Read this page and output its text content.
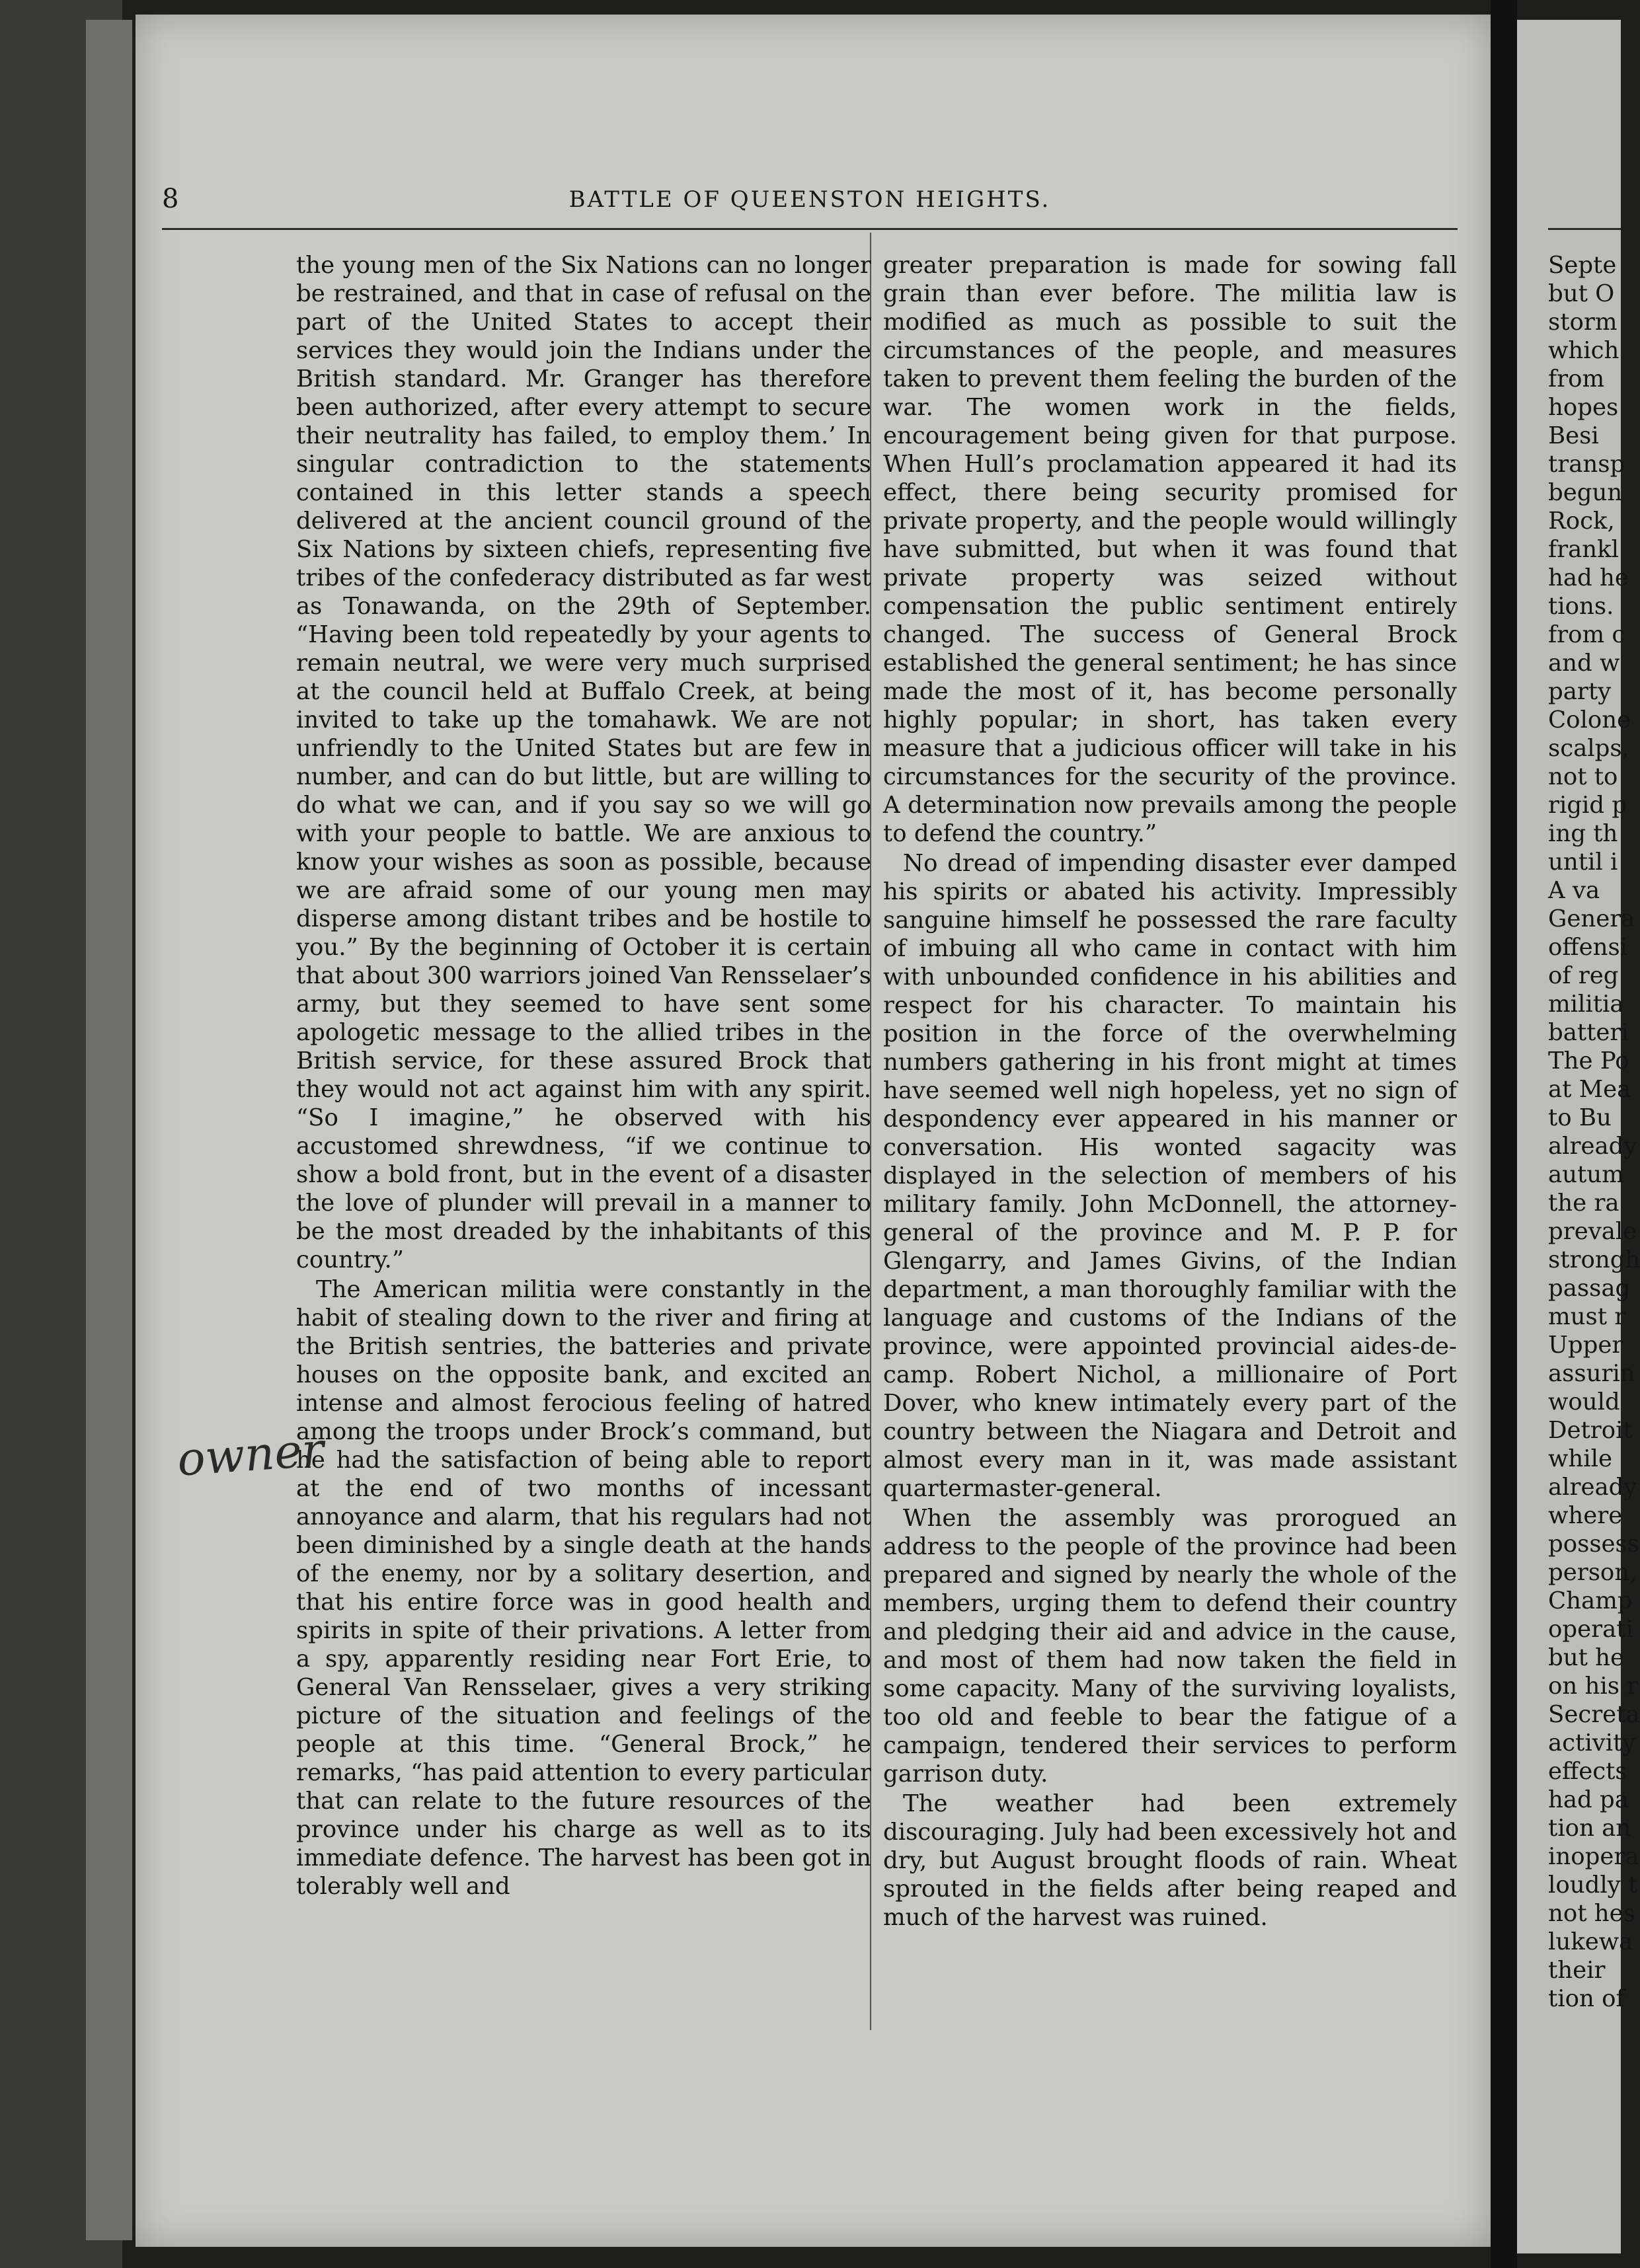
8	BATTLE OF QUEENSTON HEIGHTS.

the young men of the Six Nations can no longer be restrained, and that in case of refusal on the part of the United States to accept their services they would join the Indians under the British standard. Mr. Granger has therefore been authorized, after every attempt to secure their neutrality has failed, to employ them.’ In singular contradiction to the statements contained in this letter stands a speech delivered at the ancient council ground of the Six Nations by sixteen chiefs, representing five tribes of the confederacy distributed as far west as Tonawanda, on the 29th of September. “Having been told repeatedly by your agents to remain neutral, we were very much surprised at the council held at Buffalo Creek, at being invited to take up the tomahawk. We are not unfriendly to the United States but are few in number, and can do but little, but are willing to do what we can, and if you say so we will go with your people to battle. We are anxious to know your wishes as soon as possible, because we are afraid some of our young men may disperse among distant tribes and be hostile to you.” By the beginning of October it is certain that about 300 warriors joined Van Rensselaer’s army, but they seemed to have sent some apologetic message to the allied tribes in the British service, for these assured Brock that they would not act against him with any spirit. “So I imagine,” he observed with his accustomed shrewdness, “if we continue to show a bold front, but in the event of a disaster the love of plunder will prevail in a manner to be the most dreaded by the inhabitants of this country.”

The American militia were constantly in the habit of stealing down to the river and firing at the British sentries, the batteries and private houses on the opposite bank, and excited an intense and almost ferocious feeling of hatred among the troops under Brock’s command, but he had the satisfaction of being able to report at the end of two months of incessant annoyance and alarm, that his regulars had not been diminished by a single death at the hands of the enemy, nor by a solitary desertion, and that his entire force was in good health and spirits in spite of their privations. A letter from a spy, apparently residing near Fort Erie, to General Van Rensselaer, gives a very striking picture of the situation and feelings of the people at this time. “General Brock,” he remarks, “has paid attention to every particular that can relate to the future resources of the province under his charge as well as to its immediate defence. The harvest has been got in tolerably well and

greater preparation is made for sowing fall grain than ever before. The militia law is modified as much as possible to suit the circumstances of the people, and measures taken to prevent them feeling the burden of the war. The women work in the fields, encouragement being given for that purpose. When Hull’s proclamation appeared it had its effect, there being security promised for private property, and the people would willingly have submitted, but when it was found that private property was seized without compensation the public sentiment entirely changed. The success of General Brock established the general sentiment; he has since made the most of it, has become personally highly popular; in short, has taken every measure that a judicious officer will take in his circumstances for the security of the province. A determination now prevails among the people to defend the country.”

No dread of impending disaster ever damped his spirits or abated his activity. Impressibly sanguine himself he possessed the rare faculty of imbuing all who came in contact with him with unbounded confidence in his abilities and respect for his character. To maintain his position in the force of the overwhelming numbers gathering in his front might at times have seemed well nigh hopeless, yet no sign of despondency ever appeared in his manner or conversation. His wonted sagacity was displayed in the selection of members of his military family. John McDonnell, the attorney-general of the province and M. P. P. for Glengarry, and James Givins, of the Indian department, a man thoroughly familiar with the language and customs of the Indians of the province, were appointed provincial aides-de-camp. Robert Nichol, a millionaire of Port Dover, who knew intimately every part of the country between the Niagara and Detroit and almost every man in it, was made assistant quartermaster-general.

When the assembly was prorogued an address to the people of the province had been prepared and signed by nearly the whole of the members, urging them to defend their country and pledging their aid and advice in the cause, and most of them had now taken the field in some capacity. Many of the surviving loyalists, too old and feeble to bear the fatigue of a campaign, tendered their services to perform garrison duty.

The weather had been extremely discouraging. July had been excessively hot and dry, but August brought floods of rain. Wheat sprouted in the fields after being reaped and much of the harvest was ruined.

owner
Septe
but O
storm
which
from
hopes
Besi
transp
begun
Rock,
frankl
had he
tions.
from c
and w
party
Colone
scalps,
not to
rigid p
ing th
until i
A va
Genera
offensi
of reg
militia
batteri
The Po
at Mea
to Bu
already
autum
the ra
prevale
strongh
passag
must r
Upper
assurin
would
Detroit
while
already
where
possess
person,
Champ
operati
but he
on his r
Secreta
activity
effects
had pa
tion an
inopera
loudly t
not hes
lukewa
their
tion of
